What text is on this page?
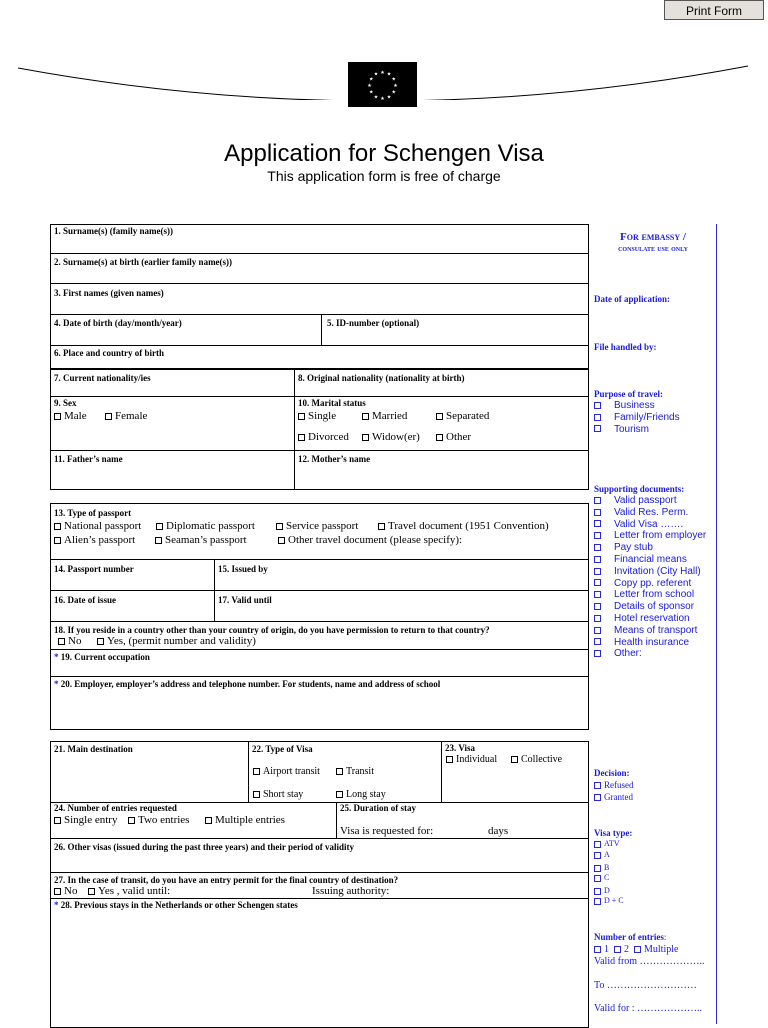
Print Form
★ ★
★
★
★
★
★
★
★
★
★
★
Application for Schengen Visa
This application form is free of charge
1. Surname(s) (family name(s))
2. Surname(s) at birth (earlier family name(s))
3. First names (given names)
4. Date of birth (day/month/year)	5. ID-number (optional)
6. Place and country of birth
7. Current nationality/ies	8. Original nationality (nationality at birth)
9. Sex
Male	Female
10. Marital status
Single	Married	Separated
Divorced	Widow(er)	Other
11. Father’s name	12. Mother’s name
13. Type of passport
National passport	Diplomatic passport	Service passport	Travel document (1951 Convention)
Alien’s passport	Seaman’s passport	Other travel document (please specify):
14. Passport number	15. Issued by
16. Date of issue	17. Valid until
18. If you reside in a country other than your country of origin, do you have permission to return to that country?
No	Yes, (permit number and validity)
* 19. Current occupation
* 20. Employer, employer’s address and telephone number. For students, name and address of school
21. Main destination	22. Type of Visa
Airport transit	Transit
Short stay	Long stay
23. Visa
Individual	Collective
24. Number of entries requested
Single entry	Two entries	Multiple entries
25. Duration of stay
Visa is requested for:	days
26. Other visas (issued during the past three years) and their period of validity
27. In the case of transit, do you have an entry permit for the final country of destination?
No	Yes , valid until:	Issuing authority:
* 28. Previous stays in the Netherlands or other Schengen states
For embassy /
consulate use only
Date of application:
File handled by:
Purpose of travel:
Business
Family/Friends
Tourism
Supporting documents:
Valid passport
Valid Res. Perm.
Valid Visa …….
Letter from employer
Pay stub
Financial means
Invitation (City Hall)
Copy pp. referent
Letter from school
Details of sponsor
Hotel reservation
Means of transport
Health insurance
Other:
Decision:
Refused
Granted
Visa type:
ATV
A
B
C
D
D + C
Number of entries:
1 2 Multiple
Valid from ………………..
To ………………………
Valid for : ………………..
